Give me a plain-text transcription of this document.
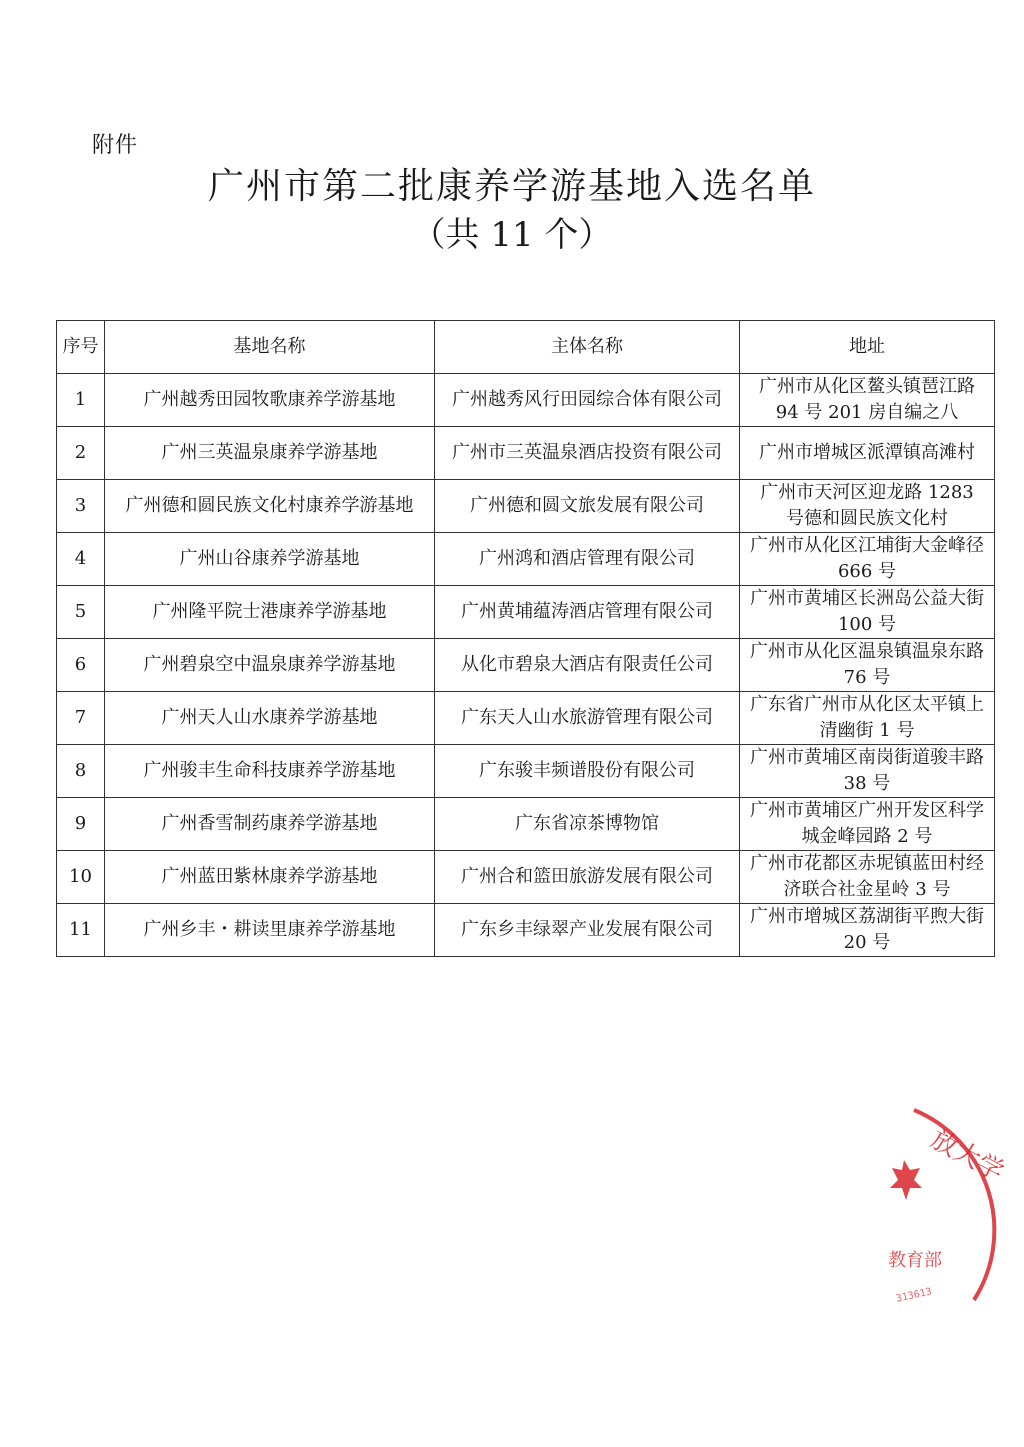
附件
广州市第二批康养学游基地入选名单
（共 11 个）
序号	基地名称	主体名称	地址
1	广州越秀田园牧歌康养学游基地	广州越秀风行田园综合体有限公司	广州市从化区鳌头镇琶江路 94 号 201 房自编之八
2	广州三英温泉康养学游基地	广州市三英温泉酒店投资有限公司	广州市增城区派潭镇高滩村
3	广州德和圆民族文化村康养学游基地	广州德和圆文旅发展有限公司	广州市天河区迎龙路 1283 号德和圆民族文化村
4	广州山谷康养学游基地	广州鸿和酒店管理有限公司	广州市从化区江埔街大金峰径 666 号
5	广州隆平院士港康养学游基地	广州黄埔蕴涛酒店管理有限公司	广州市黄埔区长洲岛公益大街 100 号
6	广州碧泉空中温泉康养学游基地	从化市碧泉大酒店有限责任公司	广州市从化区温泉镇温泉东路 76 号
7	广州天人山水康养学游基地	广东天人山水旅游管理有限公司	广东省广州市从化区太平镇上清幽街 1 号
8	广州骏丰生命科技康养学游基地	广东骏丰频谱股份有限公司	广州市黄埔区南岗街道骏丰路 38 号
9	广州香雪制药康养学游基地	广东省凉茶博物馆	广州市黄埔区广州开发区科学城金峰园路 2 号
10	广州蓝田紫林康养学游基地	广州合和篮田旅游发展有限公司	广州市花都区赤坭镇蓝田村经济联合社金星岭 3 号
11	广州乡丰・耕读里康养学游基地	广东乡丰绿翠产业发展有限公司	广州市增城区荔湖街平煦大街 20 号
放大学
教育部
313613
